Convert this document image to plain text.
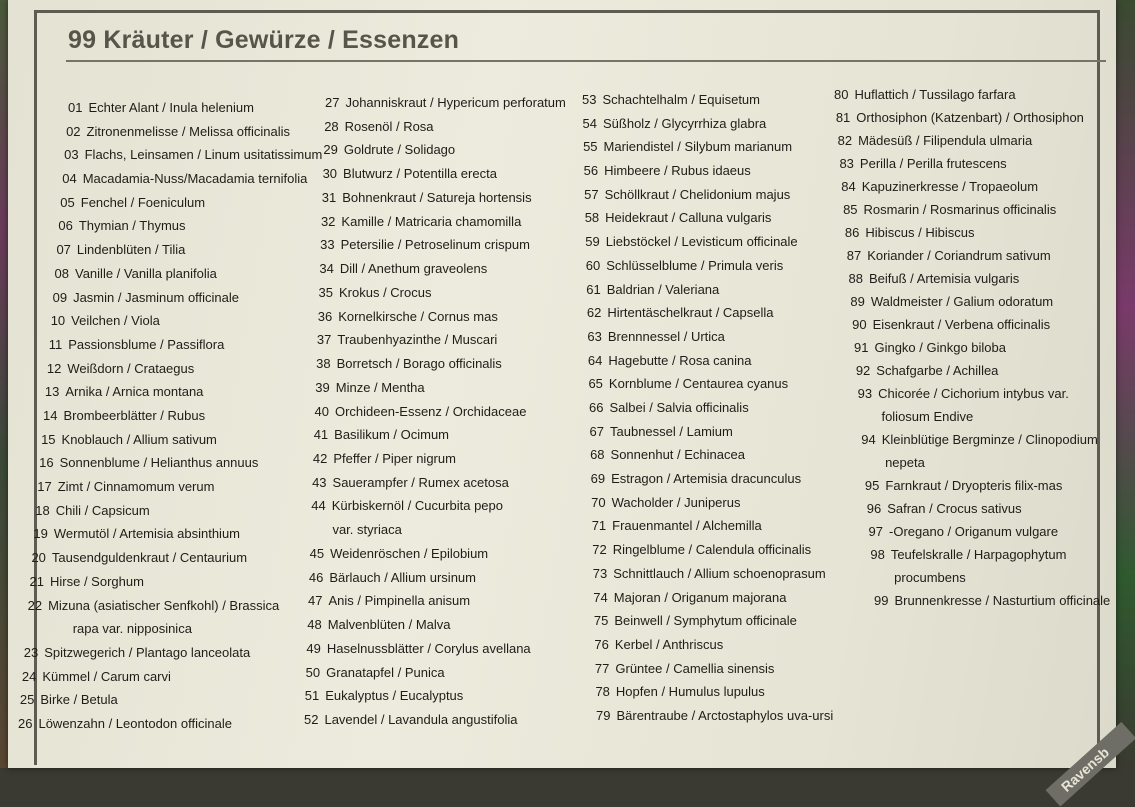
99 Kräuter / Gewürze / Essenzen
01 Echter Alant / Inula helenium
02 Zitronenmelisse / Melissa officinalis
03 Flachs, Leinsamen / Linum usitatissimum
04 Macadamia-Nuss/Macadamia ternifolia
05 Fenchel / Foeniculum
06 Thymian / Thymus
07 Lindenblüten / Tilia
08 Vanille / Vanilla planifolia
09 Jasmin / Jasminum officinale
10 Veilchen / Viola
11 Passionsblume / Passiflora
12 Weißdorn / Crataegus
13 Arnika / Arnica montana
14 Brombeerblätter / Rubus
15 Knoblauch / Allium sativum
16 Sonnenblume / Helianthus annuus
17 Zimt / Cinnamomum verum
18 Chili / Capsicum
19 Wermutöl / Artemisia absinthium
20 Tausendguldenkraut / Centaurium
21 Hirse / Sorghum
22 Mizuna (asiatischer Senfkohl) / Brassica
rapa var. nipposinica
23 Spitzwegerich / Plantago lanceolata
24 Kümmel / Carum carvi
25 Birke / Betula
26 Löwenzahn / Leontodon officinale
27 Johanniskraut / Hypericum perforatum
28 Rosenöl / Rosa
29 Goldrute / Solidago
30 Blutwurz / Potentilla erecta
31 Bohnenkraut / Satureja hortensis
32 Kamille / Matricaria chamomilla
33 Petersilie / Petroselinum crispum
34 Dill / Anethum graveolens
35 Krokus / Crocus
36 Kornelkirsche / Cornus mas
37 Traubenhyazinthe / Muscari
38 Borretsch / Borago officinalis
39 Minze / Mentha
40 Orchideen-Essenz / Orchidaceae
41 Basilikum / Ocimum
42 Pfeffer / Piper nigrum
43 Sauerampfer / Rumex acetosa
44 Kürbiskernöl / Cucurbita pepo
var. styriaca
45 Weidenröschen / Epilobium
46 Bärlauch / Allium ursinum
47 Anis / Pimpinella anisum
48 Malvenblüten / Malva
49 Haselnussblätter / Corylus avellana
50 Granatapfel / Punica
51 Eukalyptus / Eucalyptus
52 Lavendel / Lavandula angustifolia
53 Schachtelhalm / Equisetum
54 Süßholz / Glycyrrhiza glabra
55 Mariendistel / Silybum marianum
56 Himbeere / Rubus idaeus
57 Schöllkraut / Chelidonium majus
58 Heidekraut / Calluna vulgaris
59 Liebstöckel / Levisticum officinale
60 Schlüsselblume / Primula veris
61 Baldrian / Valeriana
62 Hirtentäschelkraut / Capsella
63 Brennnessel / Urtica
64 Hagebutte / Rosa canina
65 Kornblume / Centaurea cyanus
66 Salbei / Salvia officinalis
67 Taubnessel / Lamium
68 Sonnenhut / Echinacea
69 Estragon / Artemisia dracunculus
70 Wacholder / Juniperus
71 Frauenmantel / Alchemilla
72 Ringelblume / Calendula officinalis
73 Schnittlauch / Allium schoenoprasum
74 Majoran / Origanum majorana
75 Beinwell / Symphytum officinale
76 Kerbel / Anthriscus
77 Grüntee / Camellia sinensis
78 Hopfen / Humulus lupulus
79 Bärentraube / Arctostaphylos uva-ursi
80 Huflattich / Tussilago farfara
81 Orthosiphon (Katzenbart) / Orthosiphon
82 Mädesüß / Filipendula ulmaria
83 Perilla / Perilla frutescens
84 Kapuzinerkresse / Tropaeolum
85 Rosmarin / Rosmarinus officinalis
86 Hibiscus / Hibiscus
87 Koriander / Coriandrum sativum
88 Beifuß / Artemisia vulgaris
89 Waldmeister / Galium odoratum
90 Eisenkraut / Verbena officinalis
91 Gingko / Ginkgo biloba
92 Schafgarbe / Achillea
93 Chicorée / Cichorium intybus var.
foliosum Endive
94 Kleinblütige Bergminze / Clinopodium
nepeta
95 Farnkraut / Dryopteris filix-mas
96 Safran / Crocus sativus
97 -Oregano / Origanum vulgare
98 Teufelskralle / Harpagophytum
procumbens
99 Brunnenkresse / Nasturtium officinale
Ravensb
